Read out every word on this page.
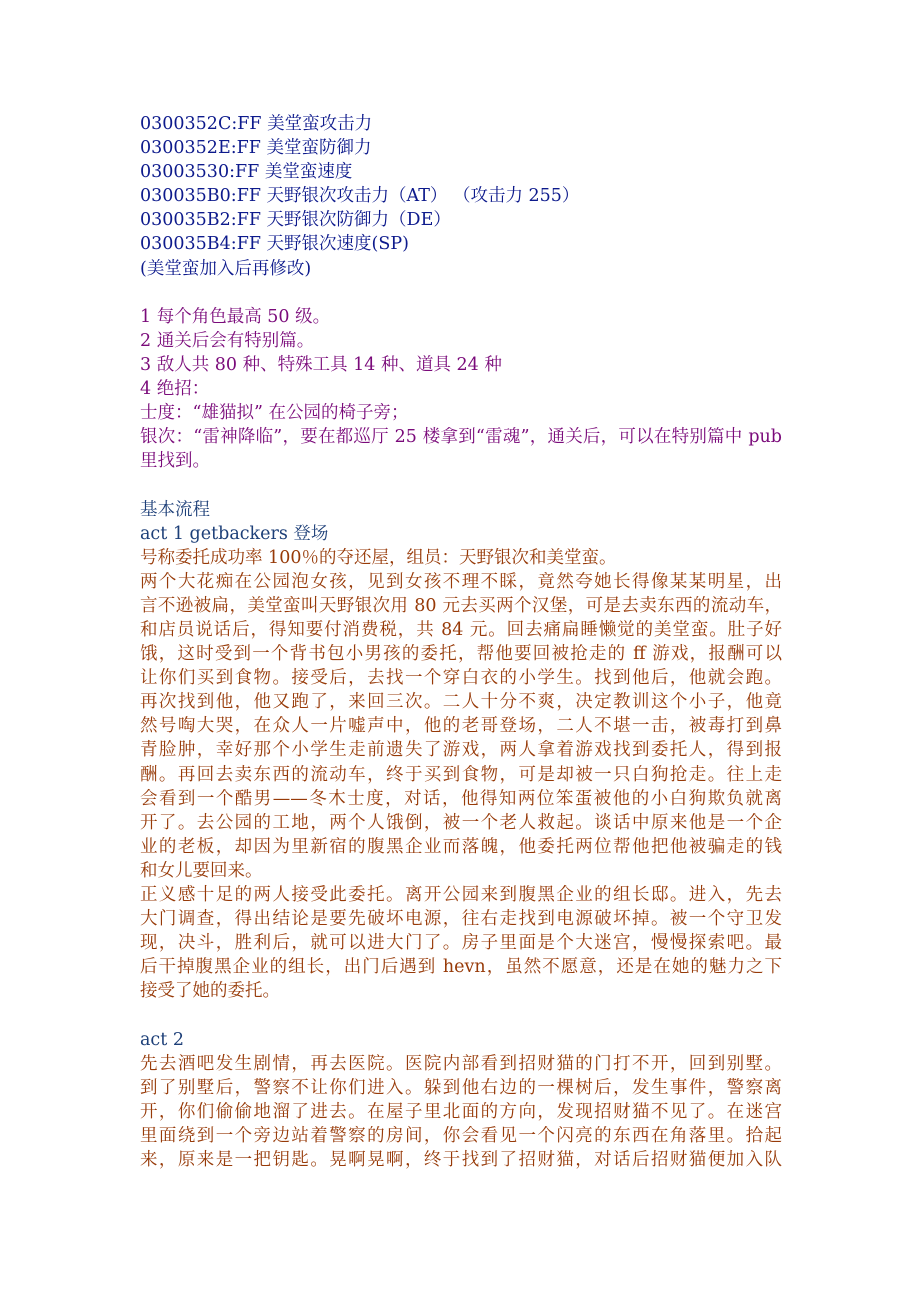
0300352C:FF 美堂蛮攻击力
0300352E:FF 美堂蛮防御力
03003530:FF 美堂蛮速度
030035B0:FF 天野银次攻击力（AT） （攻击力 255）
030035B2:FF 天野银次防御力（DE）
030035B4:FF 天野银次速度(SP)
(美堂蛮加入后再修改)
1 每个角色最高 50 级。
2 通关后会有特别篇。
3 敌人共 80 种、特殊工具 14 种、道具 24 种
4 绝招：
士度：“雄猫拟” 在公园的椅子旁；
银次：“雷神降临”，要在都巡厅 25 楼拿到“雷魂”，通关后，可以在特别篇中 pub
里找到。
基本流程
act 1 getbackers 登场
号称委托成功率 100％的夺还屋，组员：天野银次和美堂蛮。
两个大花痴在公园泡女孩，见到女孩不理不睬，竟然夸她长得像某某明星，出
言不逊被扁，美堂蛮叫天野银次用 80 元去买两个汉堡，可是去卖东西的流动车，
和店员说话后，得知要付消费税，共 84 元。回去痛扁睡懒觉的美堂蛮。肚子好
饿，这时受到一个背书包小男孩的委托，帮他要回被抢走的 ff 游戏，报酬可以
让你们买到食物。接受后，去找一个穿白衣的小学生。找到他后，他就会跑。
再次找到他，他又跑了，来回三次。二人十分不爽，决定教训这个小子，他竟
然号啕大哭，在众人一片嘘声中，他的老哥登场，二人不堪一击，被毒打到鼻
青脸肿，幸好那个小学生走前遗失了游戏，两人拿着游戏找到委托人，得到报
酬。再回去卖东西的流动车，终于买到食物，可是却被一只白狗抢走。往上走
会看到一个酷男——冬木士度，对话，他得知两位笨蛋被他的小白狗欺负就离
开了。去公园的工地，两个人饿倒，被一个老人救起。谈话中原来他是一个企
业的老板，却因为里新宿的腹黑企业而落魄，他委托两位帮他把他被骗走的钱
和女儿要回来。
正义感十足的两人接受此委托。离开公园来到腹黑企业的组长邸。进入，先去
大门调查，得出结论是要先破坏电源，往右走找到电源破坏掉。被一个守卫发
现，决斗，胜利后，就可以进大门了。房子里面是个大迷宫，慢慢探索吧。最
后干掉腹黑企业的组长，出门后遇到 hevn，虽然不愿意，还是在她的魅力之下
接受了她的委托。
act 2
先去酒吧发生剧情，再去医院。医院内部看到招财猫的门打不开，回到别墅。
到了别墅后，警察不让你们进入。躲到他右边的一棵树后，发生事件，警察离
开，你们偷偷地溜了进去。在屋子里北面的方向，发现招财猫不见了。在迷宫
里面绕到一个旁边站着警察的房间，你会看见一个闪亮的东西在角落里。拾起
来，原来是一把钥匙。晃啊晃啊，终于找到了招财猫，对话后招财猫便加入队
